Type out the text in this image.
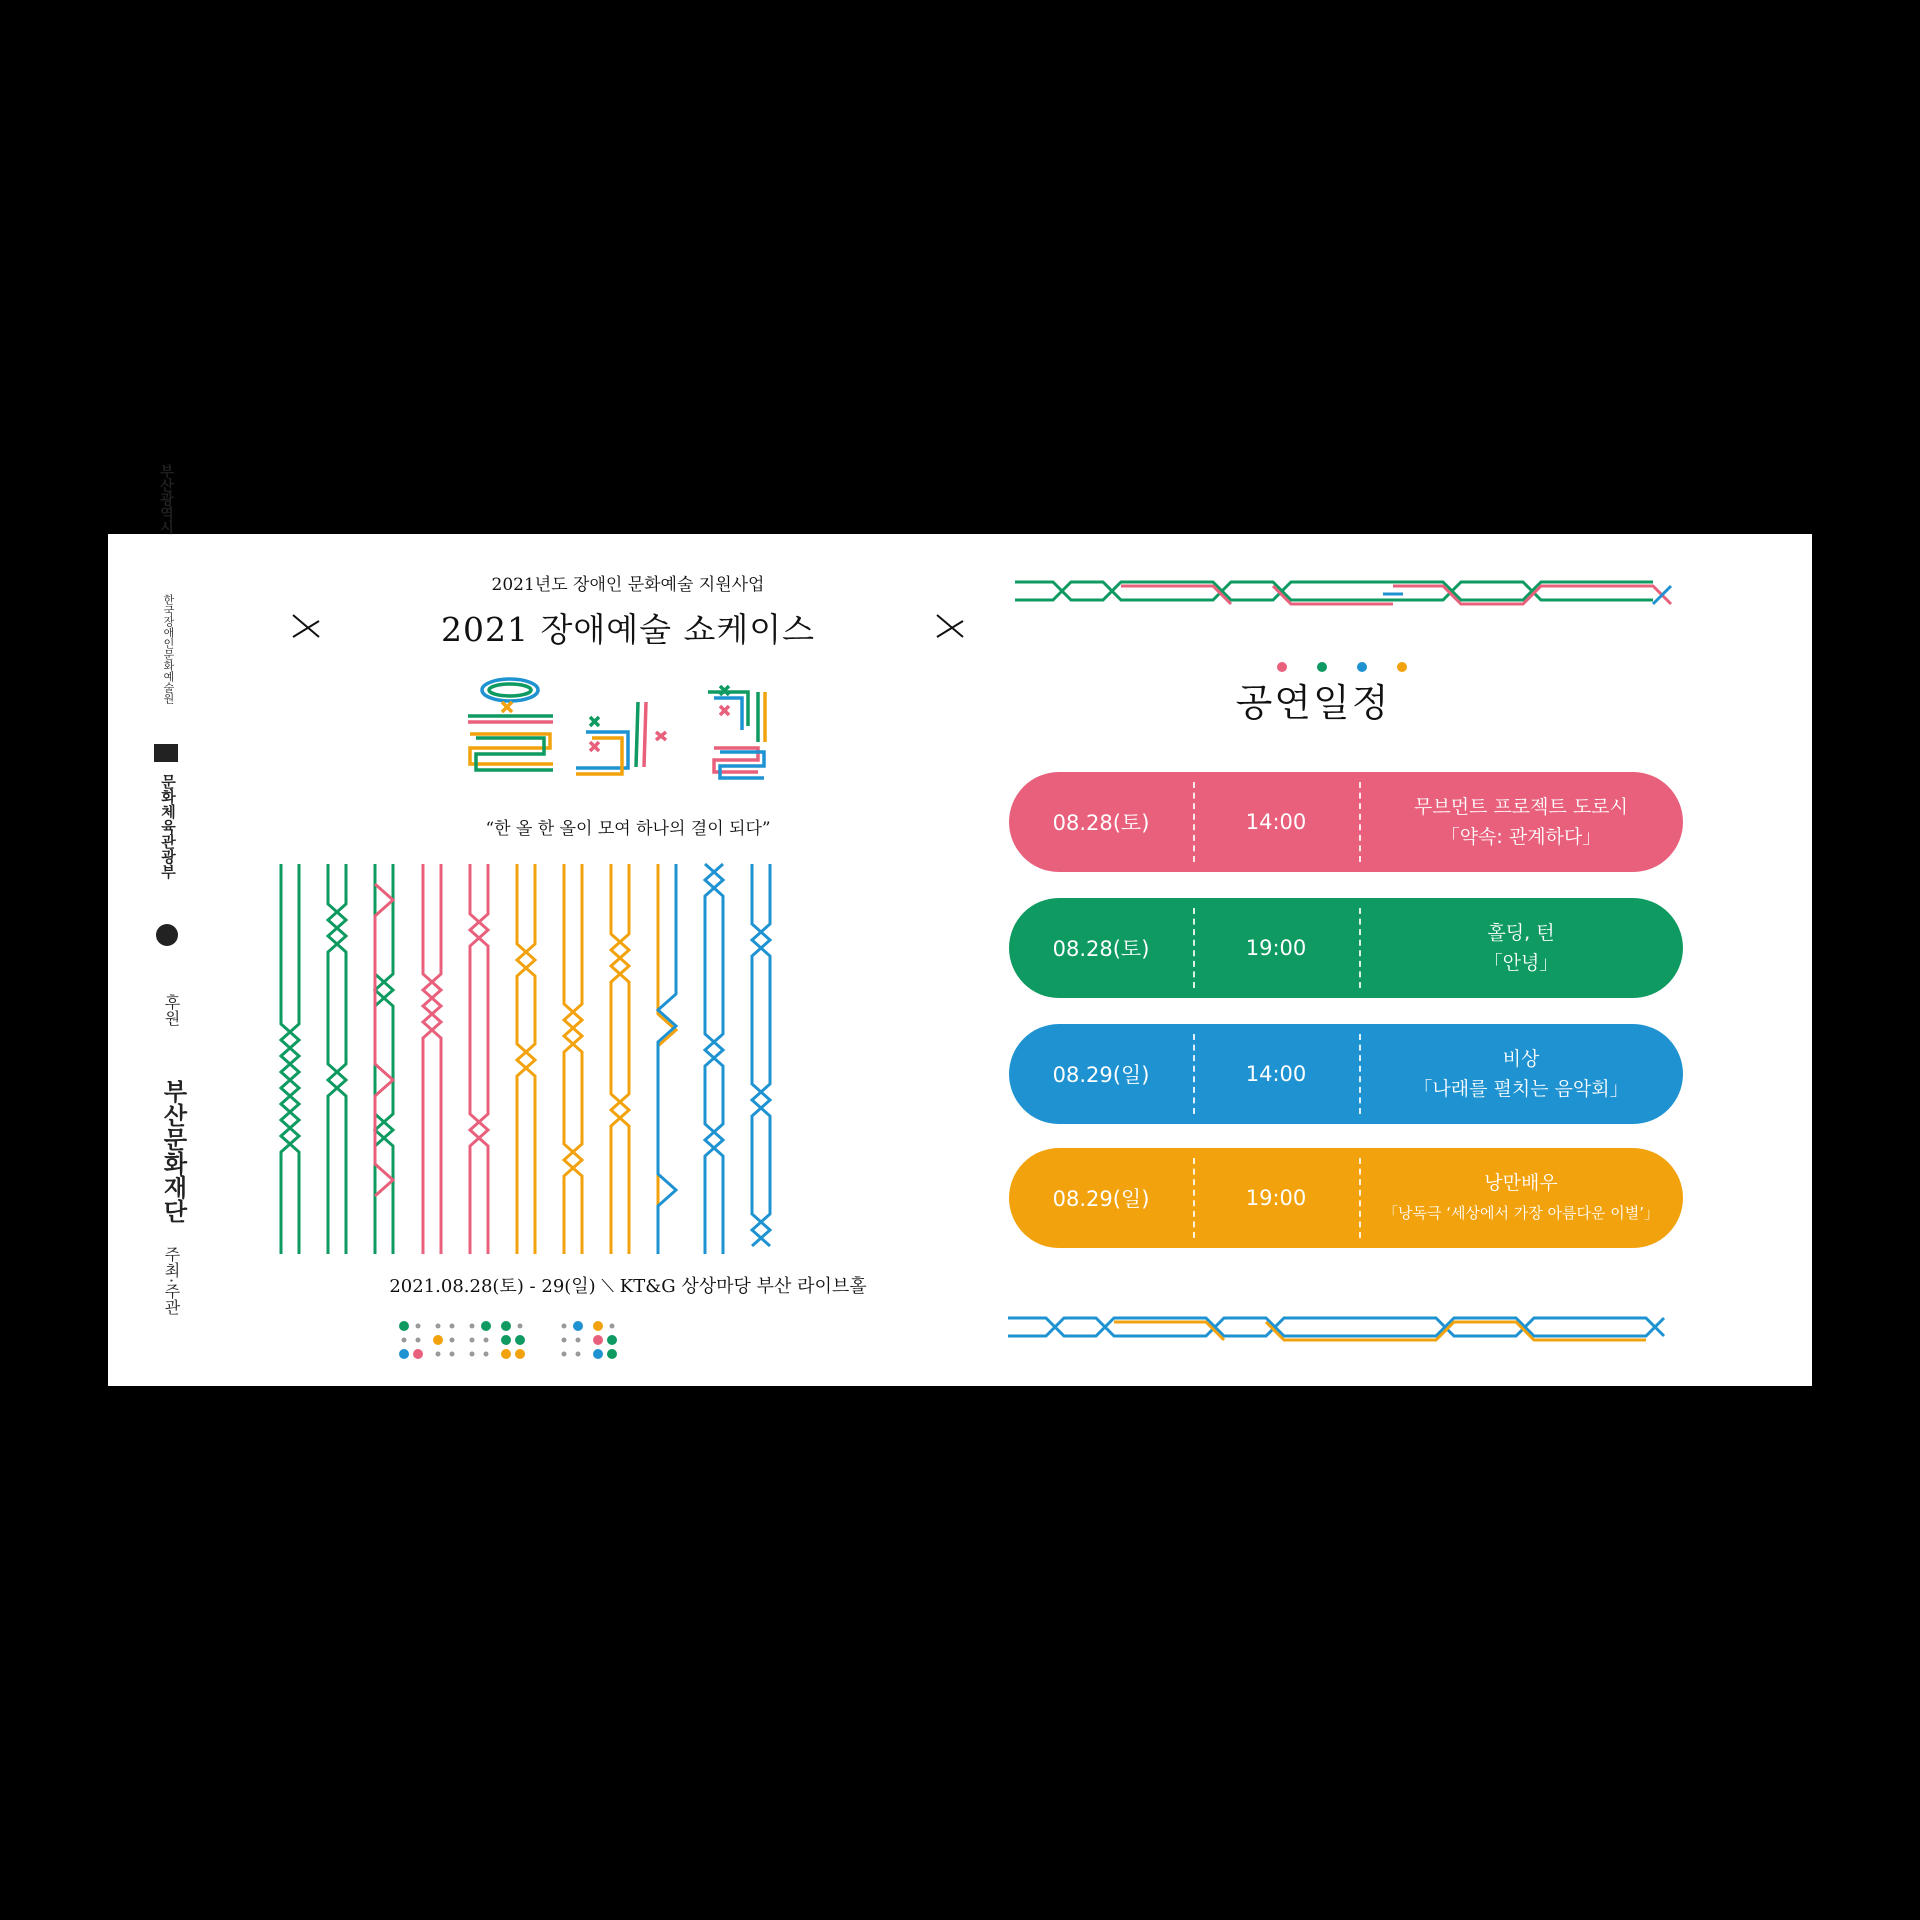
부산문화재단
주최·주관
후원
문화체육관광부
한국장애인문화예술원
부산광역시
2021년도 장애인 문화예술 지원사업
2021 장애예술 쇼케이스
올과 결
“한 올 한 올이 모여 하나의 결이 되다”
2021.08.28(토) - 29(일) ⟍ KT&G 상상마당 부산 라이브홀
공연일정
08.28(토)	14:00
무브먼트 프로젝트 도로시
「약속: 관계하다」
08.28(토)	19:00
홀딩, 턴
「안녕」
08.29(일)	14:00
비상
「나래를 펼치는 음악회」
08.29(일)	19:00
낭만배우
「낭독극 ‘세상에서 가장 아름다운 이별’」
